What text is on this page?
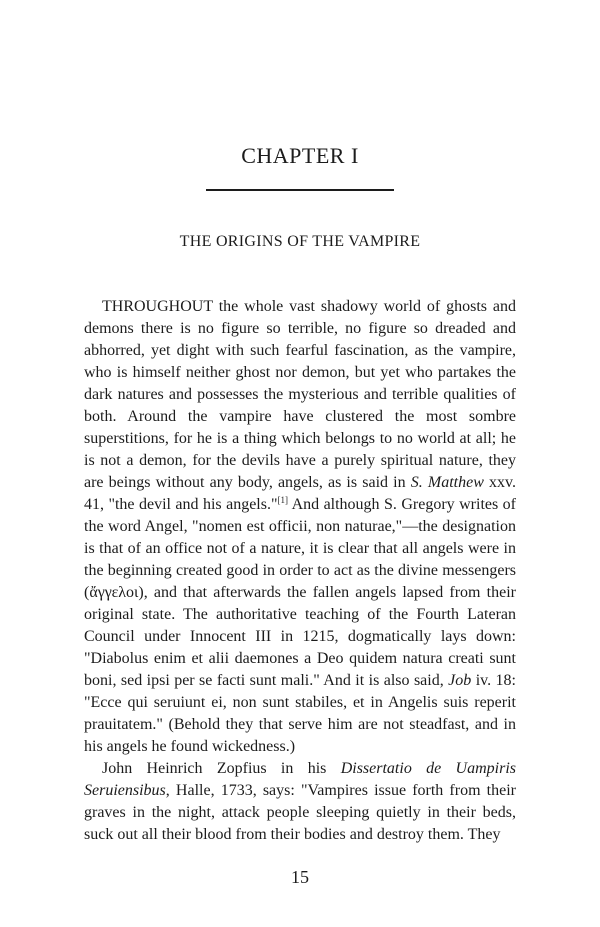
CHAPTER I
THE ORIGINS OF THE VAMPIRE

THROUGHOUT the whole vast shadowy world of ghosts and demons there is no figure so terrible, no figure so dreaded and abhorred, yet dight with such fearful fascination, as the vampire, who is himself neither ghost nor demon, but yet who partakes the dark natures and possesses the mysterious and terrible qualities of both. Around the vampire have clustered the most sombre superstitions, for he is a thing which belongs to no world at all; he is not a demon, for the devils have a purely spiritual nature, they are beings without any body, angels, as is said in S. Matthew xxv. 41, "the devil and his angels."[1] And although S. Gregory writes of the word Angel, "nomen est officii, non naturae,"—the designation is that of an office not of a nature, it is clear that all angels were in the beginning created good in order to act as the divine messengers (ἄγγελοι), and that afterwards the fallen angels lapsed from their original state. The authoritative teaching of the Fourth Lateran Council under Innocent III in 1215, dogmatically lays down: "Diabolus enim et alii daemones a Deo quidem natura creati sunt boni, sed ipsi per se facti sunt mali." And it is also said, Job iv. 18: "Ecce qui seruiunt ei, non sunt stabiles, et in Angelis suis reperit prauitatem." (Behold they that serve him are not steadfast, and in his angels he found wickedness.)

John Heinrich Zopfius in his Dissertatio de Uampiris Seruiensibus, Halle, 1733, says: "Vampires issue forth from their graves in the night, attack people sleeping quietly in their beds, suck out all their blood from their bodies and destroy them. They

15
